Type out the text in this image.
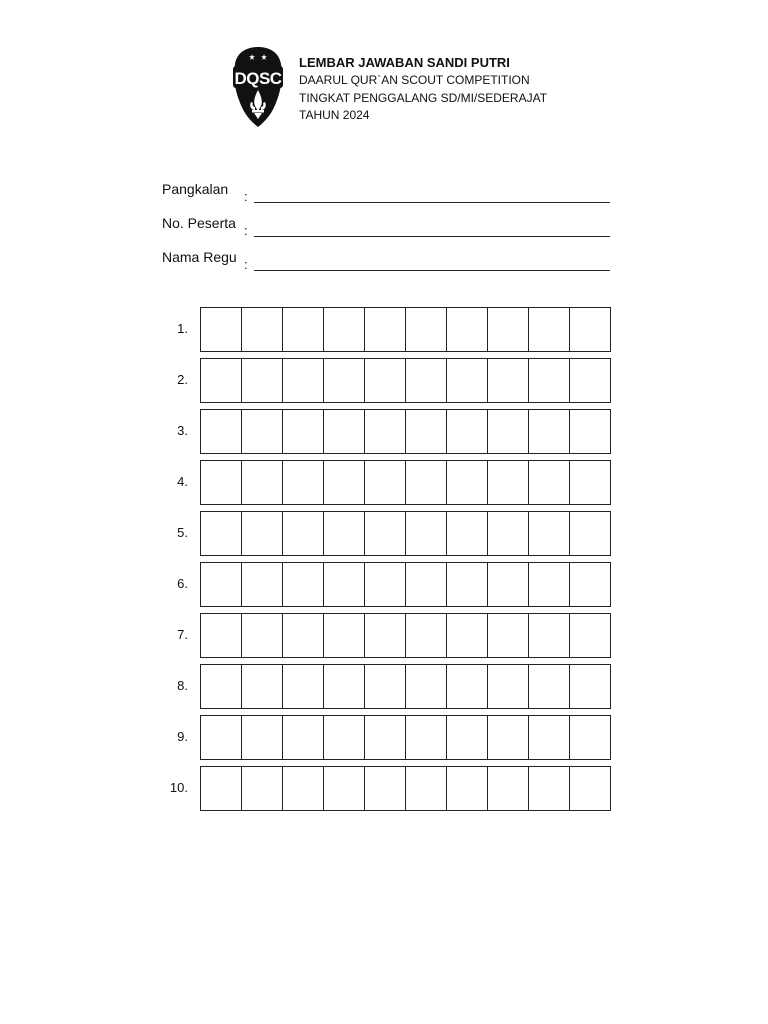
DQSC
LEMBAR JAWABAN SANDI PUTRI
DAARUL QUR`AN SCOUT COMPETITION
TINGKAT PENGGALANG SD/MI/SEDERAJAT
TAHUN 2024
Pangkalan :
No. Peserta :
Nama Regu :
1.
2.
3.
4.
5.
6.
7.
8.
9.
10.
